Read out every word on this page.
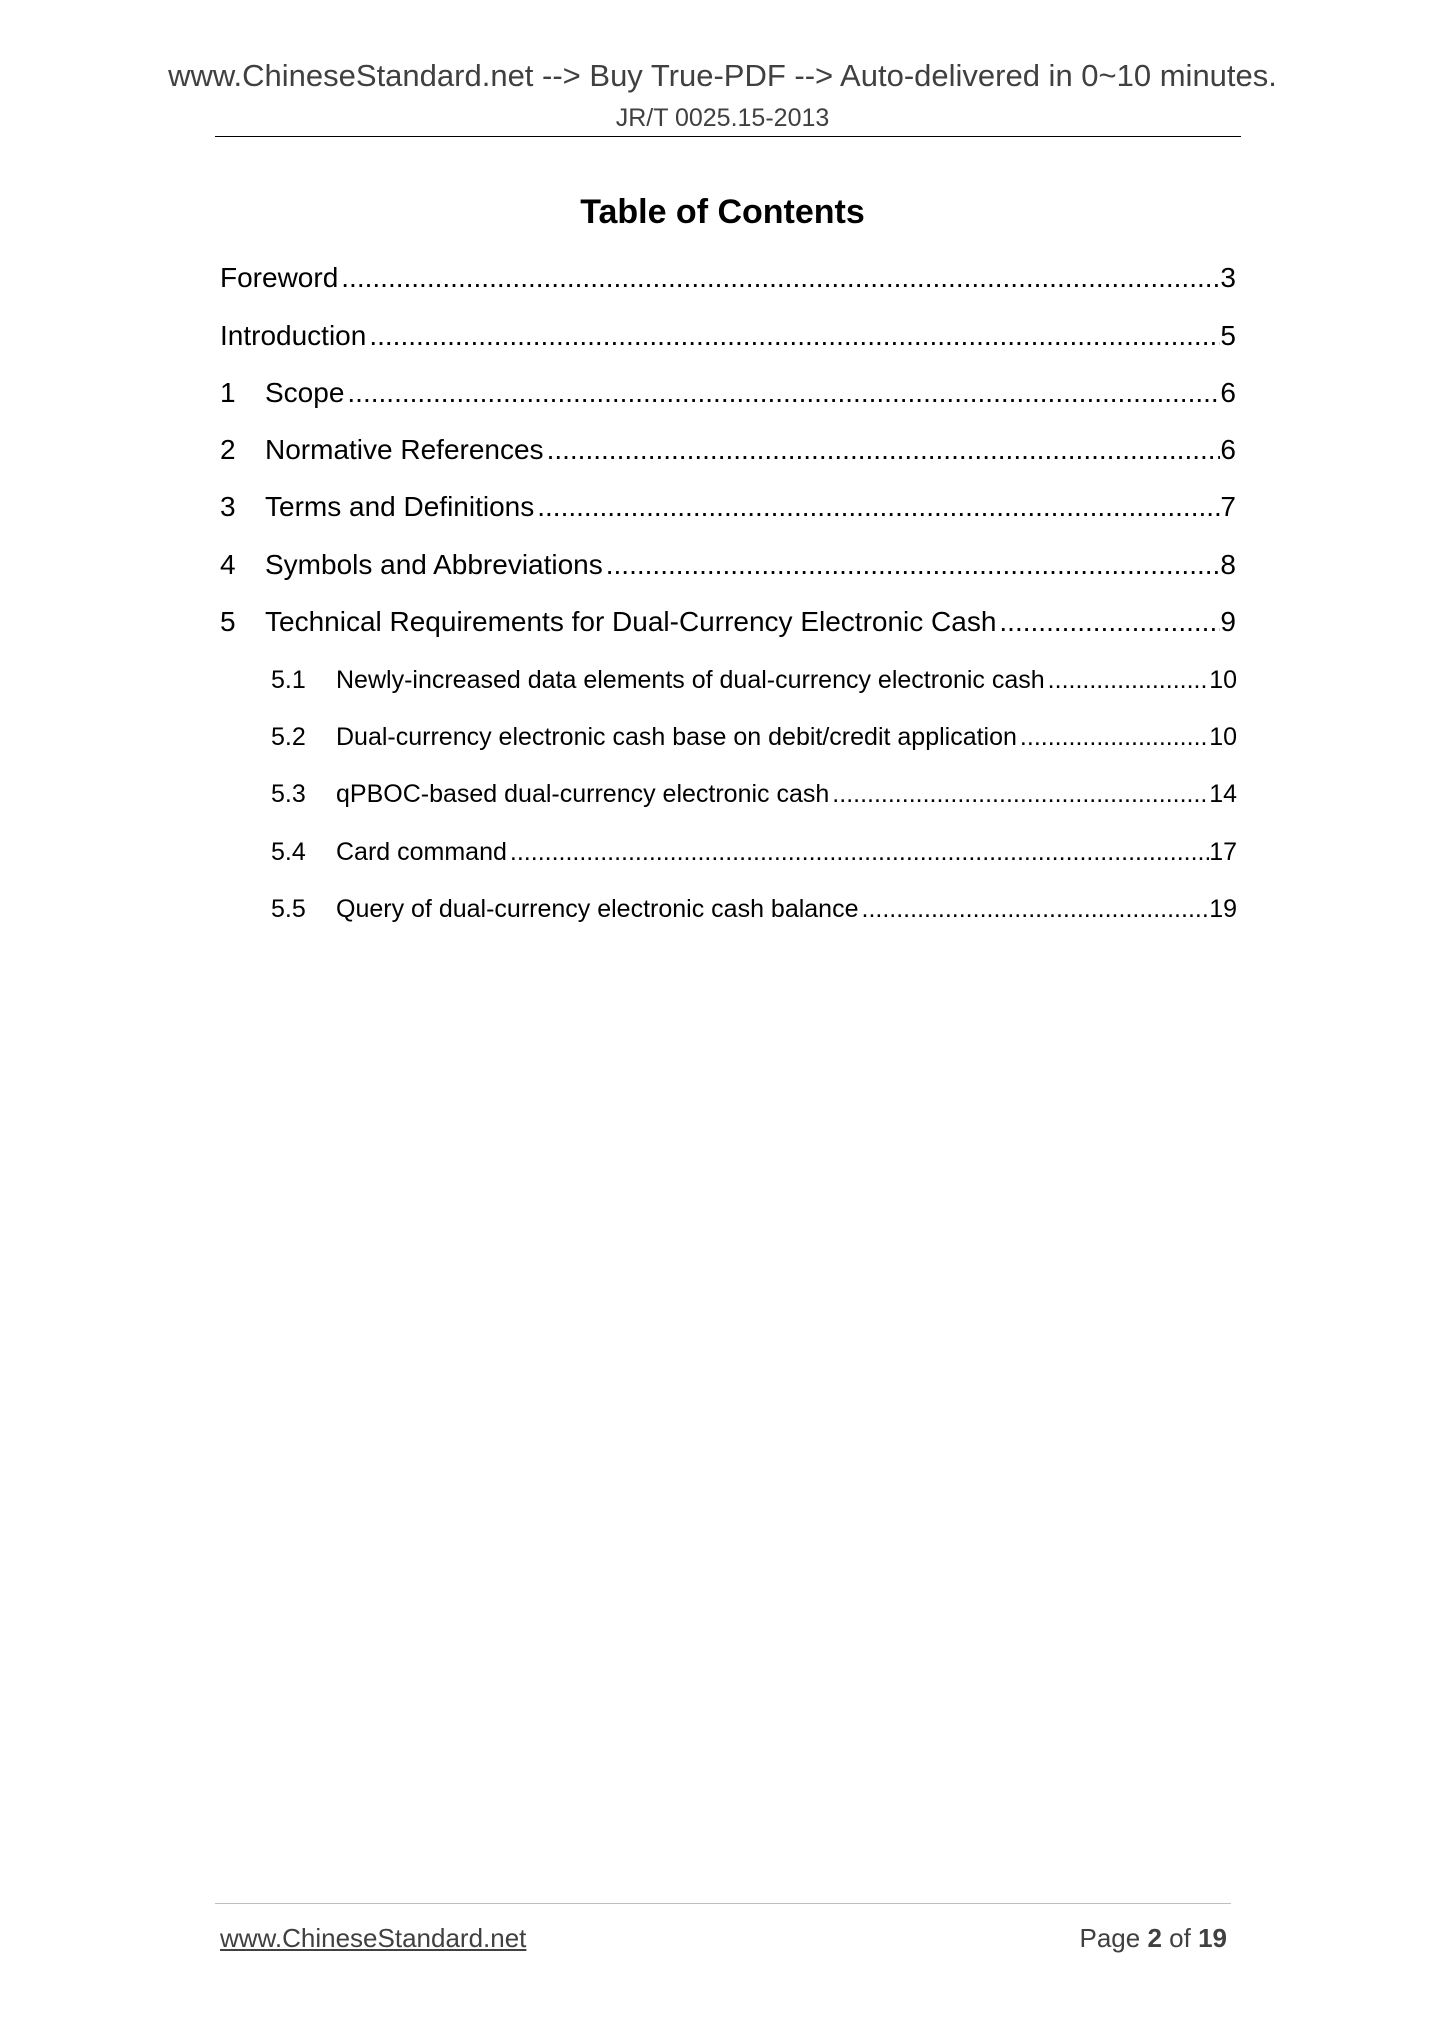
www.ChineseStandard.net --> Buy True-PDF --> Auto-delivered in 0~10 minutes.
JR/T 0025.15-2013
Table of Contents
Foreword .....	3
Introduction .....	5
1	Scope .....	6
2	Normative References .....	6
3	Terms and Definitions .....	7
4	Symbols and Abbreviations .....	8
5	Technical Requirements for Dual-Currency Electronic Cash .....	9
5.1	Newly-increased data elements of dual-currency electronic cash .....	10
5.2	Dual-currency electronic cash base on debit/credit application .....	10
5.3	qPBOC-based dual-currency electronic cash .....	14
5.4	Card command .....	17
5.5	Query of dual-currency electronic cash balance .....	19
www.ChineseStandard.net	Page 2 of 19
